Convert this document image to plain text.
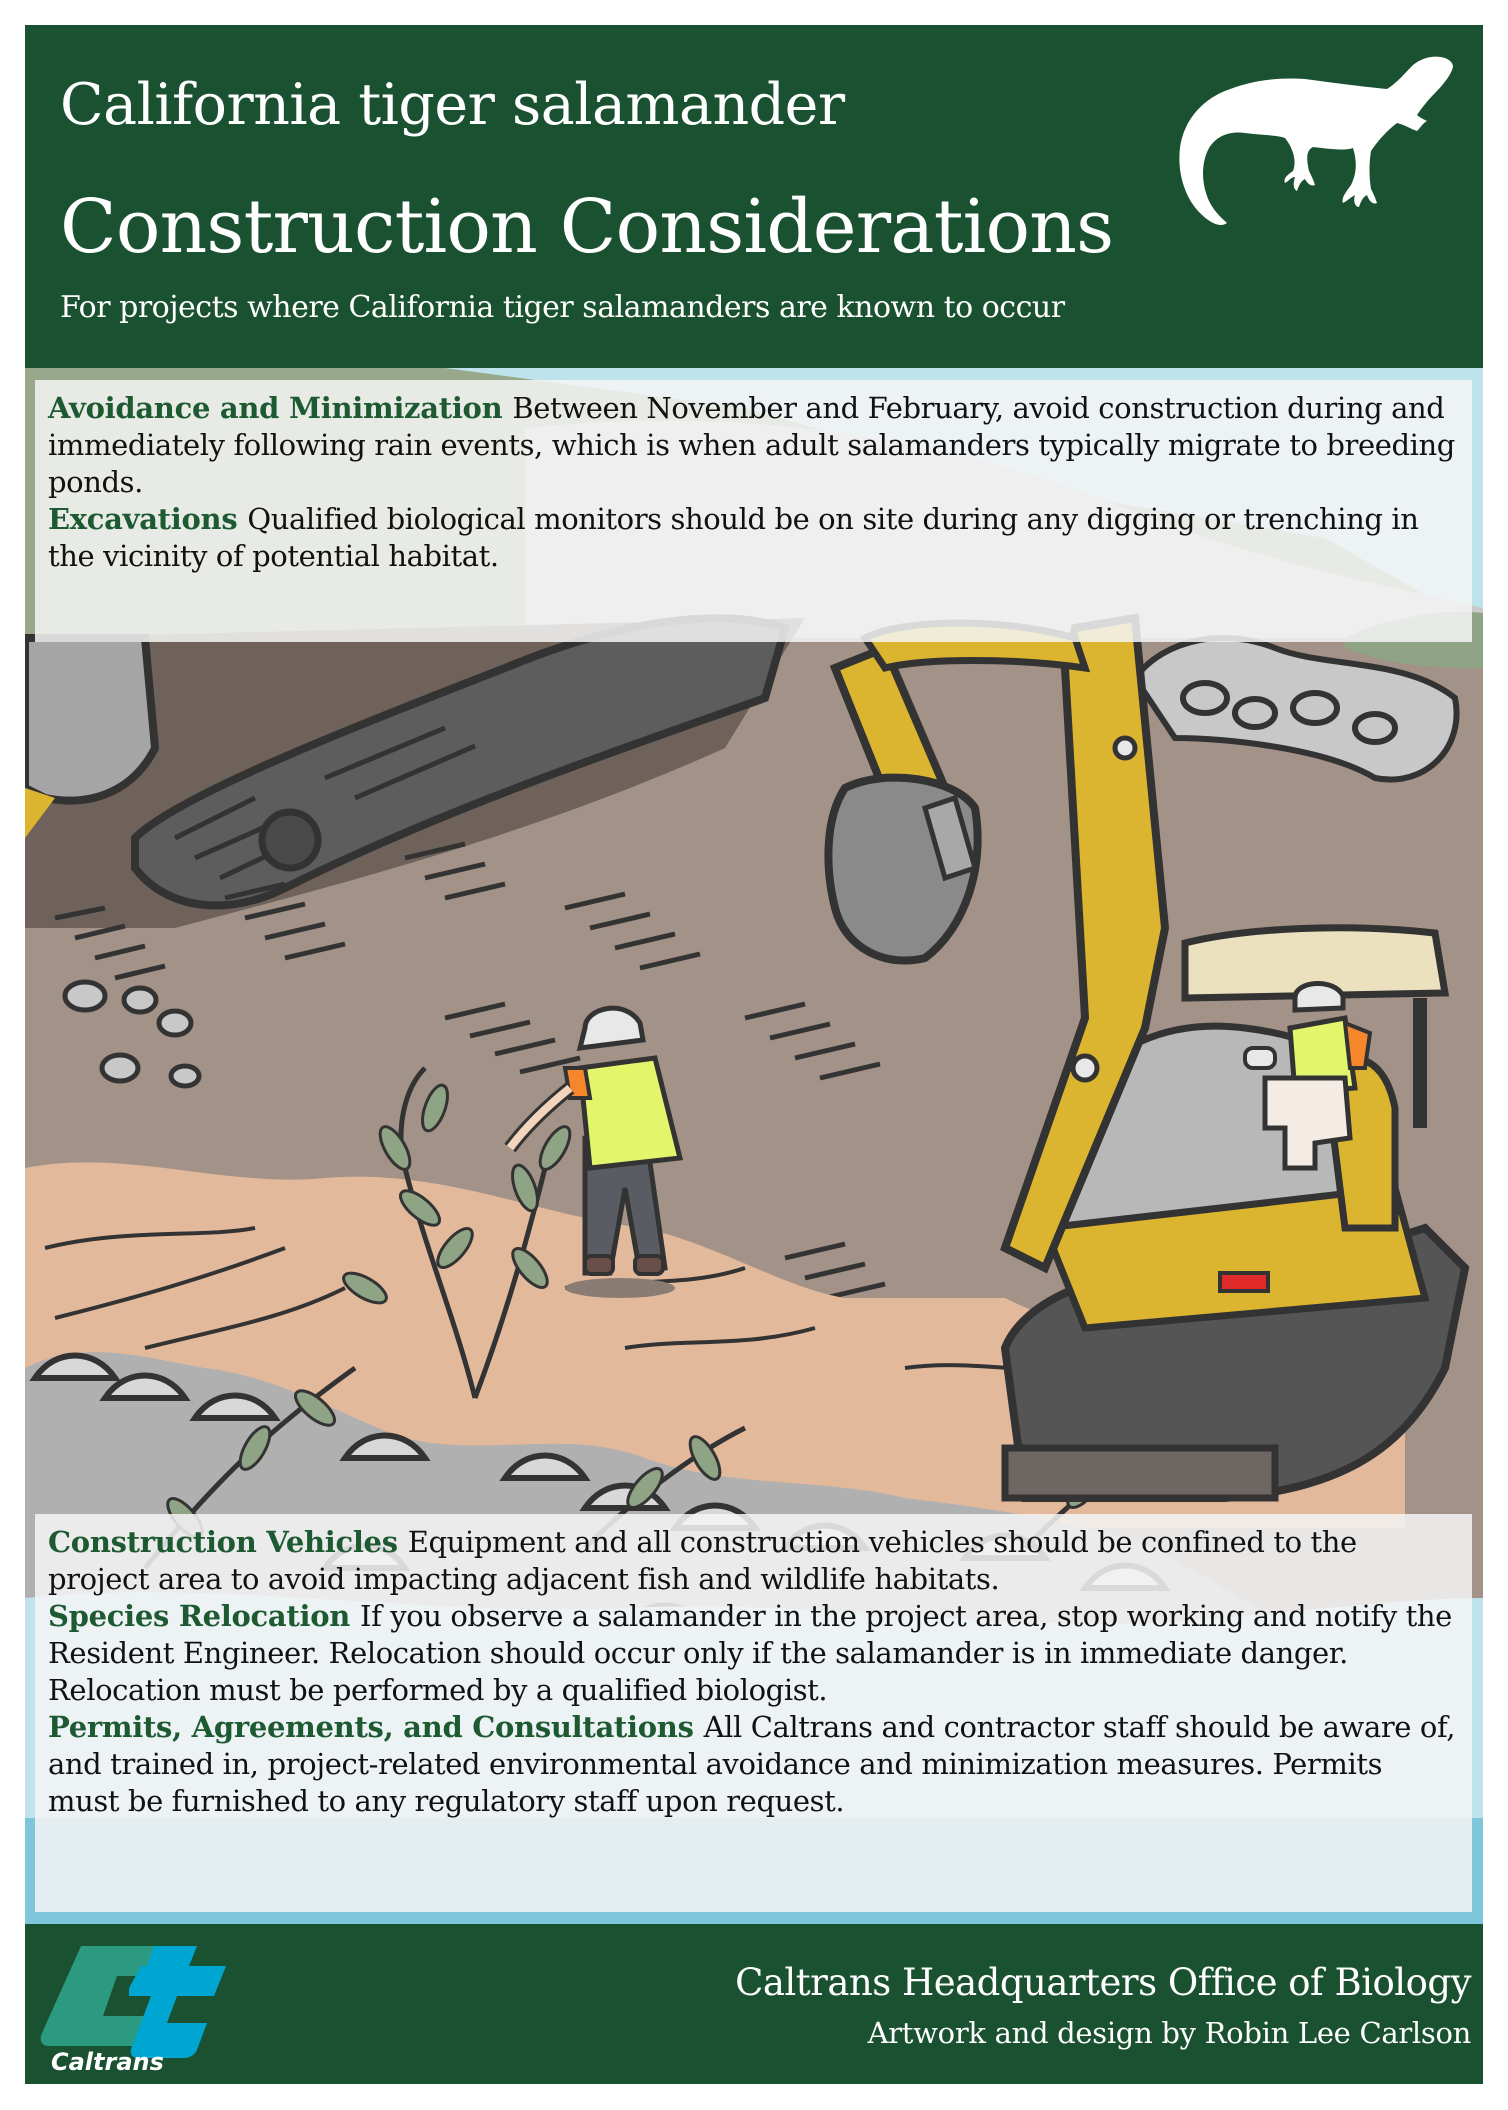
California tiger salamander
Construction Considerations
For projects where California tiger salamanders are known to occur

Avoidance and Minimization Between November and February, avoid construction during and immediately following rain events, which is when adult salamanders typically migrate to breeding ponds.

Excavations Qualified biological monitors should be on site during any digging or trenching in the vicinity of potential habitat.

Construction Vehicles Equipment and all construction vehicles should be confined to the project area to avoid impacting adjacent fish and wildlife habitats.

Species Relocation If you observe a salamander in the project area, stop working and notify the Resident Engineer. Relocation should occur only if the salamander is in immediate danger. Relocation must be performed by a qualified biologist.

Permits, Agreements, and Consultations All Caltrans and contractor staff should be aware of, and trained in, project-related environmental avoidance and minimization measures. Permits must be furnished to any regulatory staff upon request.

Caltrans
Caltrans Headquarters Office of Biology
Artwork and design by Robin Lee Carlson
